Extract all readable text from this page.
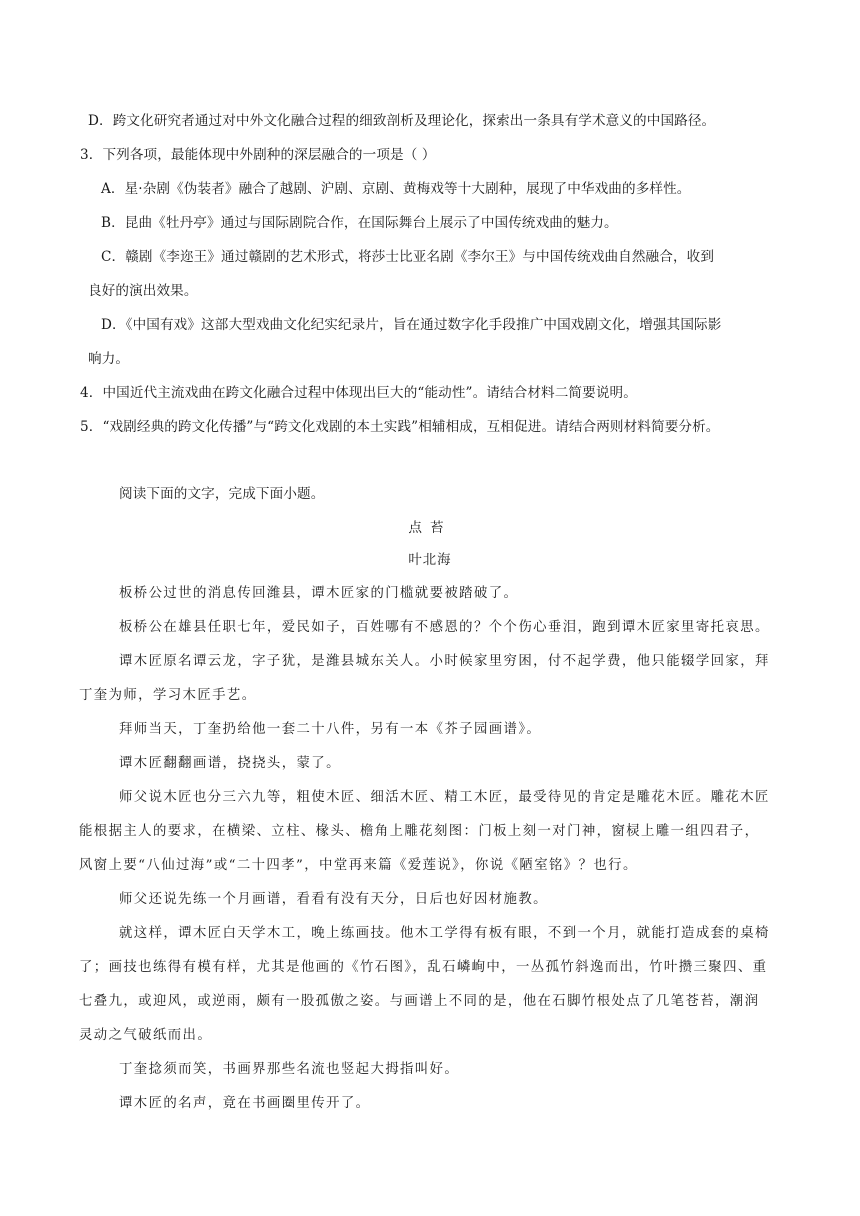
D．跨文化研究者通过对中外文化融合过程的细致剖析及理论化，探索出一条具有学术意义的中国路径。
3．下列各项，最能体现中外剧种的深层融合的一项是（ ）
A．星·杂剧《伪装者》融合了越剧、沪剧、京剧、黄梅戏等十大剧种，展现了中华戏曲的多样性。
B．昆曲《牡丹亭》通过与国际剧院合作，在国际舞台上展示了中国传统戏曲的魅力。
C．赣剧《李迩王》通过赣剧的艺术形式，将莎士比亚名剧《李尔王》与中国传统戏曲自然融合，收到
良好的演出效果。
D．《中国有戏》这部大型戏曲文化纪实纪录片，旨在通过数字化手段推广中国戏剧文化，增强其国际影
响力。
4．中国近代主流戏曲在跨文化融合过程中体现出巨大的“能动性”。请结合材料二简要说明。
5．“戏剧经典的跨文化传播”与“跨文化戏剧的本土实践”相辅相成，互相促进。请结合两则材料简要分析。
阅读下面的文字，完成下面小题。
点苔
叶北海
板桥公过世的消息传回潍县，谭木匠家的门槛就要被踏破了。
板桥公在雄县任职七年，爱民如子，百姓哪有不感恩的？个个伤心垂泪，跑到谭木匠家里寄托哀思。
谭木匠原名谭云龙，字子犹，是潍县城东关人。小时候家里穷困，付不起学费，他只能辍学回家，拜
丁奎为师，学习木匠手艺。
拜师当天，丁奎扔给他一套二十八件，另有一本《芥子园画谱》。
谭木匠翻翻画谱，挠挠头，蒙了。
师父说木匠也分三六九等，粗使木匠、细活木匠、精工木匠，最受待见的肯定是雕花木匠。雕花木匠
能根据主人的要求，在横梁、立柱、椽头、檐角上雕花刻图：门板上刻一对门神，窗棂上雕一组四君子，
风窗上要“八仙过海”或“二十四孝”，中堂再来篇《爱莲说》，你说《陋室铭》？也行。
师父还说先练一个月画谱，看看有没有天分，日后也好因材施教。
就这样，谭木匠白天学木工，晚上练画技。他木工学得有板有眼，不到一个月，就能打造成套的桌椅
了；画技也练得有模有样，尤其是他画的《竹石图》，乱石嶙峋中，一丛孤竹斜逸而出，竹叶攒三聚四、重
七叠九，或迎风，或逆雨，颇有一股孤傲之姿。与画谱上不同的是，他在石脚竹根处点了几笔苍苔，潮润
灵动之气破纸而出。
丁奎捻须而笑，书画界那些名流也竖起大拇指叫好。
谭木匠的名声，竟在书画圈里传开了。
